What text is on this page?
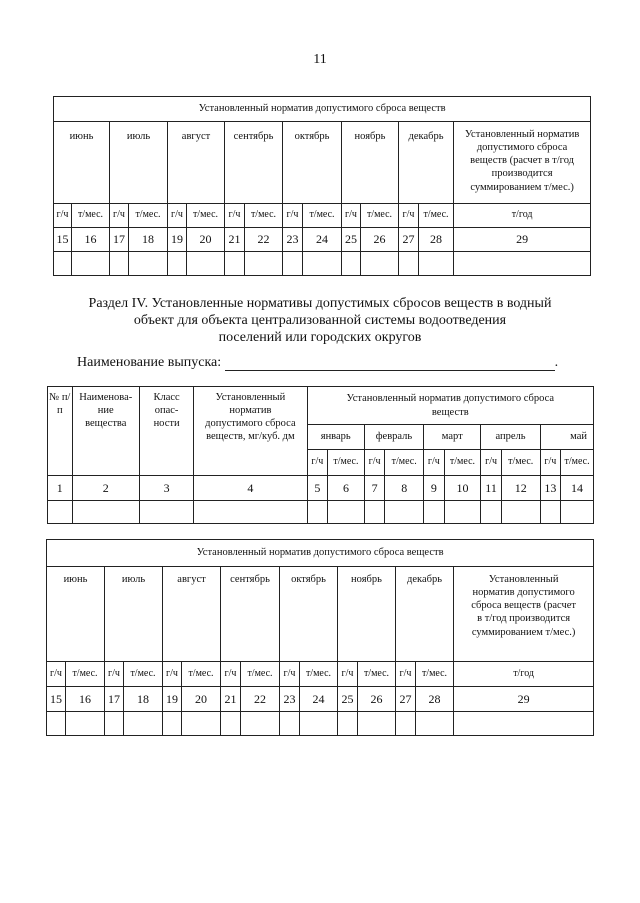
11
Установленный норматив допустимого сброса веществ														
июнь		июль		август		сентябрь		октябрь		ноябрь		декабрь		Установленный норматив допустимого сброса веществ (расчет в т/год производится суммированием т/мес.)
г/ч	т/мес.	г/ч	т/мес.	г/ч	т/мес.	г/ч	т/мес.	г/ч	т/мес.	г/ч	т/мес.	г/ч	т/мес.	т/год
15	16	17	18	19	20	21	22	23	24	25	26	27	28	29

Раздел IV. Установленные нормативы допустимых сбросов веществ в водный
объект для объекта централизованной системы водоотведения
поселений или городских округов
Наименование выпуска:	.
№ п/п	Наименова-ние вещества	Класс опас-ности	Установленный норматив допустимого сброса веществ, мг/куб. дм	Установленный норматив допустимого сброса веществ									
				январь		февраль		март		апрель		май	
				г/ч	т/мес.	г/ч	т/мес.	г/ч	т/мес.	г/ч	т/мес.	г/ч	т/мес.
1	2	3	4	5	6	7	8	9	10	11	12	13	14

Установленный норматив допустимого сброса веществ														
июнь		июль		август		сентябрь		октябрь		ноябрь		декабрь		Установленный норматив допустимого сброса веществ (расчет в т/год производится суммированием т/мес.)
г/ч	т/мес.	г/ч	т/мес.	г/ч	т/мес.	г/ч	т/мес.	г/ч	т/мес.	г/ч	т/мес.	г/ч	т/мес.	т/год
15	16	17	18	19	20	21	22	23	24	25	26	27	28	29
